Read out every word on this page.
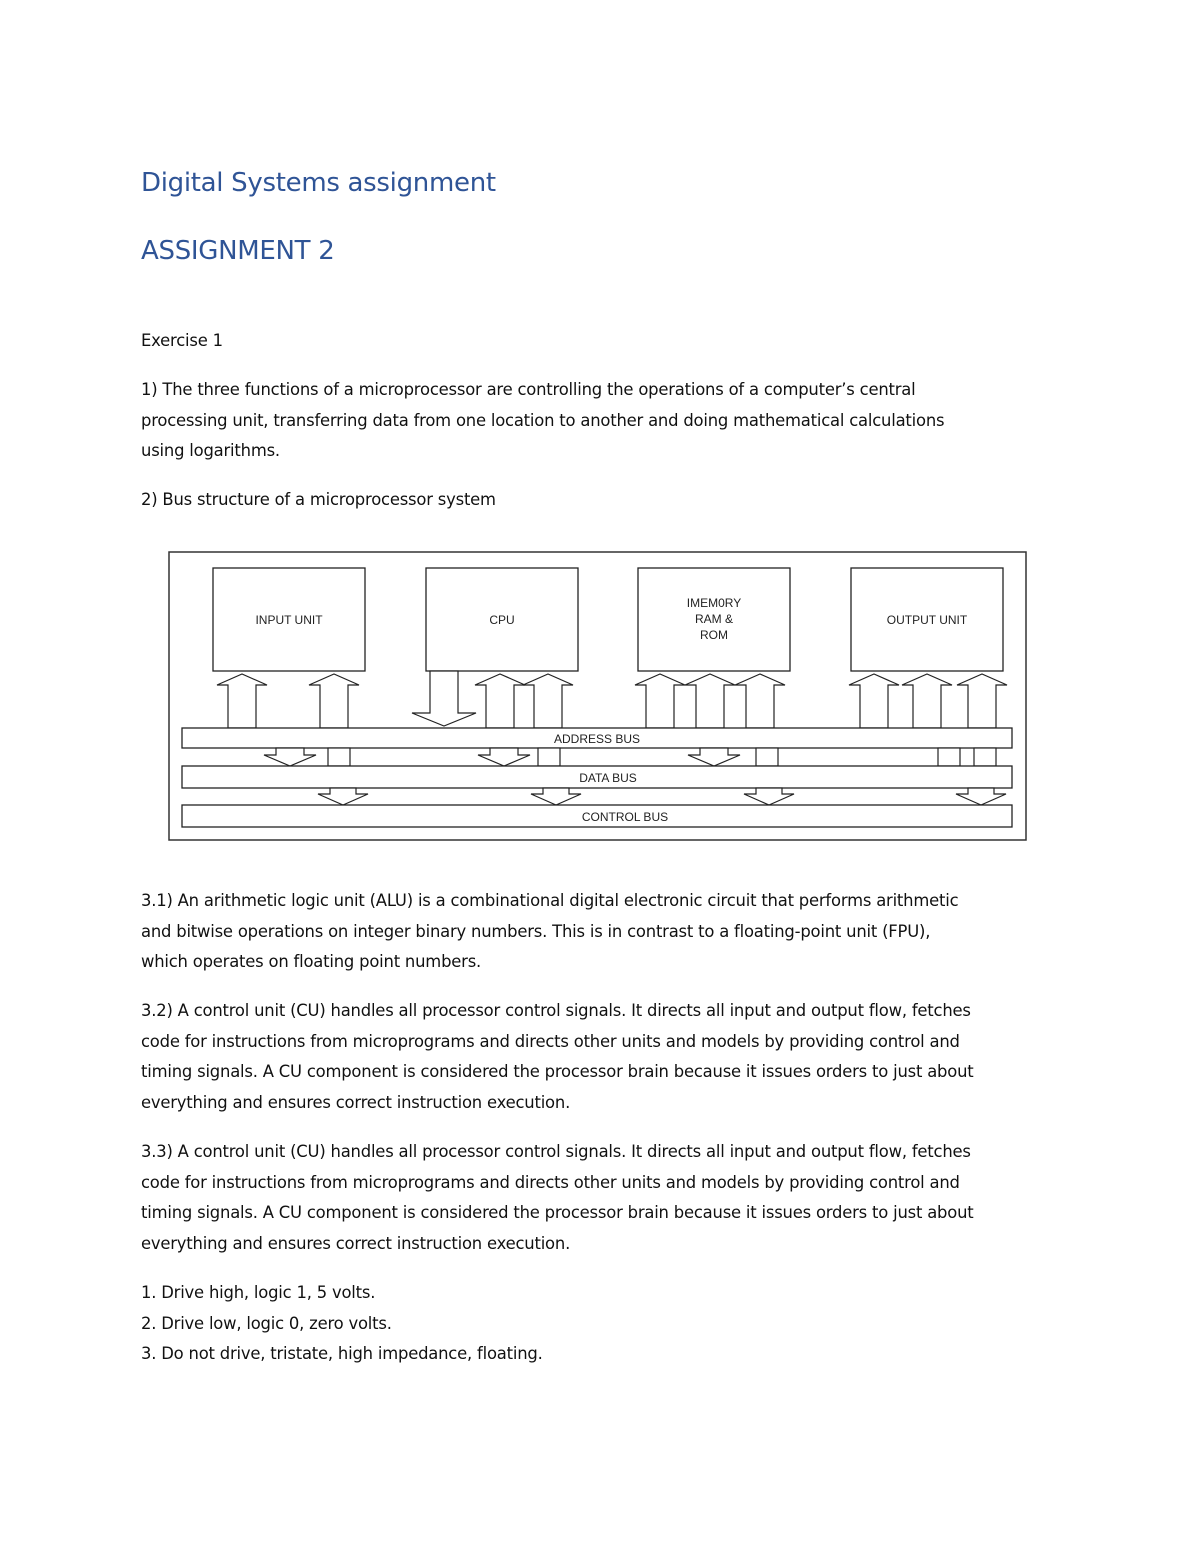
Digital Systems assignment
ASSIGNMENT 2
Exercise 1
1) The three functions of a microprocessor are controlling the operations of a computer’s central
processing unit, transferring data from one location to another and doing mathematical calculations
using logarithms.
2) Bus structure of a microprocessor system
INPUT UNIT	CPU
IMEM0RY
RAM &
ROM
OUTPUT UNIT
ADDRESS BUS
DATA BUS
CONTROL BUS
3.1) An arithmetic logic unit (ALU) is a combinational digital electronic circuit that performs arithmetic
and bitwise operations on integer binary numbers. This is in contrast to a floating-point unit (FPU),
which operates on floating point numbers.
3.2) A control unit (CU) handles all processor control signals. It directs all input and output flow, fetches
code for instructions from microprograms and directs other units and models by providing control and
timing signals. A CU component is considered the processor brain because it issues orders to just about
everything and ensures correct instruction execution.
3.3) A control unit (CU) handles all processor control signals. It directs all input and output flow, fetches
code for instructions from microprograms and directs other units and models by providing control and
timing signals. A CU component is considered the processor brain because it issues orders to just about
everything and ensures correct instruction execution.
1. Drive high, logic 1, 5 volts.
2. Drive low, logic 0, zero volts.
3. Do not drive, tristate, high impedance, floating.
